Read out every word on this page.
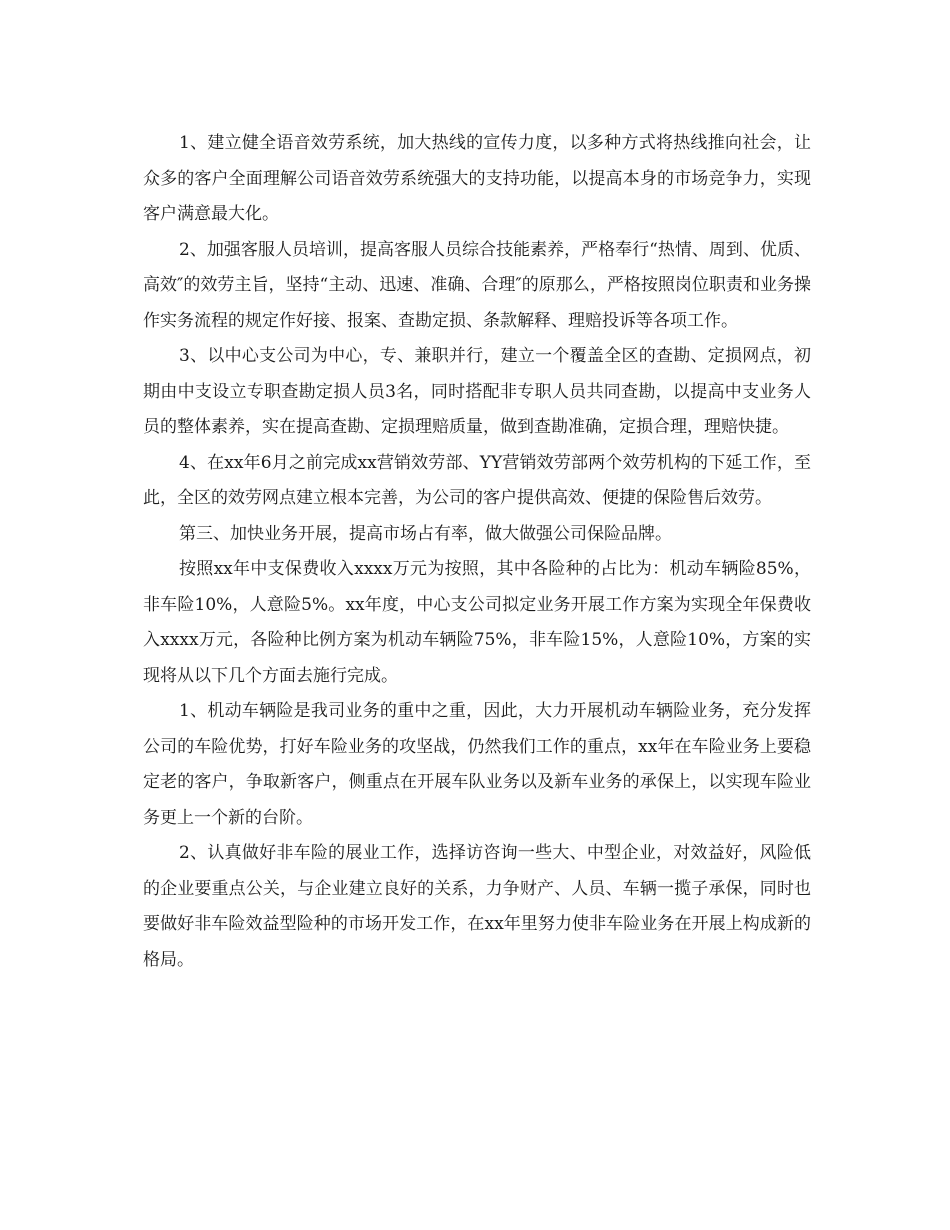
1、建立健全语音效劳系统，加大热线的宣传力度，以多种方式将热线推向社会，让众多的客户全面理解公司语音效劳系统强大的支持功能，以提高本身的市场竞争力，实现客户满意最大化。

2、加强客服人员培训，提高客服人员综合技能素养，严格奉行“热情、周到、优质、高效″的效劳主旨，坚持“主动、迅速、准确、合理″的原那么，严格按照岗位职责和业务操作实务流程的规定作好接、报案、查勘定损、条款解释、理赔投诉等各项工作。

3、以中心支公司为中心，专、兼职并行，建立一个覆盖全区的查勘、定损网点，初期由中支设立专职查勘定损人员3名，同时搭配非专职人员共同查勘，以提高中支业务人员的整体素养，实在提高查勘、定损理赔质量，做到查勘准确，定损合理，理赔快捷。

4、在xx年6月之前完成xx营销效劳部、YY营销效劳部两个效劳机构的下延工作，至此，全区的效劳网点建立根本完善，为公司的客户提供高效、便捷的保险售后效劳。

第三、加快业务开展，提高市场占有率，做大做强公司保险品牌。

按照xx年中支保费收入xxxx万元为按照，其中各险种的占比为：机动车辆险85%，非车险10%，人意险5%。xx年度，中心支公司拟定业务开展工作方案为实现全年保费收入xxxx万元，各险种比例方案为机动车辆险75%，非车险15%，人意险10%，方案的实现将从以下几个方面去施行完成。

1、机动车辆险是我司业务的重中之重，因此，大力开展机动车辆险业务，充分发挥公司的车险优势，打好车险业务的攻坚战，仍然我们工作的重点，xx年在车险业务上要稳定老的客户，争取新客户，侧重点在开展车队业务以及新车业务的承保上，以实现车险业务更上一个新的台阶。

2、认真做好非车险的展业工作，选择访咨询一些大、中型企业，对效益好，风险低的企业要重点公关，与企业建立良好的关系，力争财产、人员、车辆一揽子承保，同时也要做好非车险效益型险种的市场开发工作，在xx年里努力使非车险业务在开展上构成新的格局。
